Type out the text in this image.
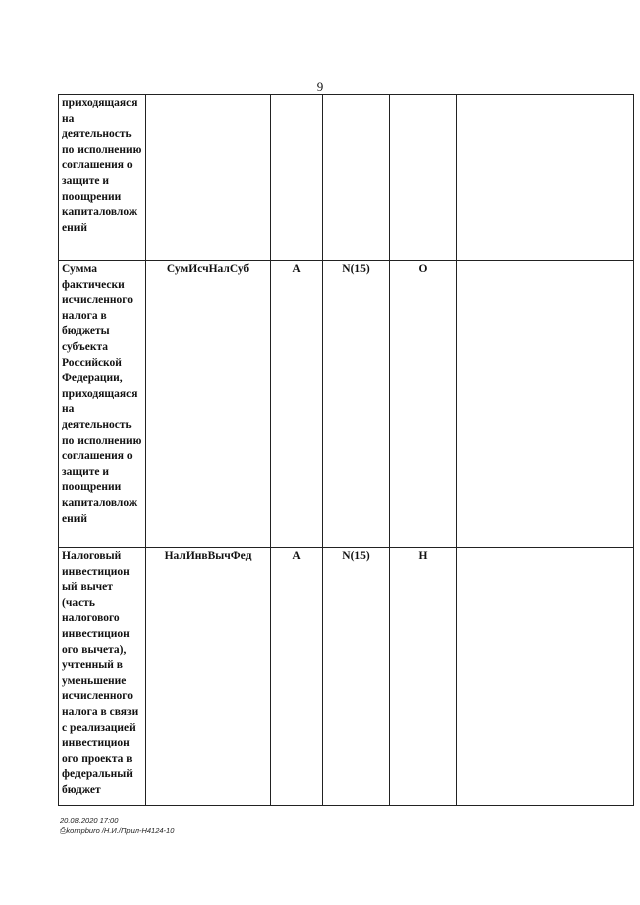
9
приходящаяся на деятельность по исполнению соглашения о защите и поощрении капиталовлож ений					
Сумма фактически исчисленного налога в бюджеты субъекта Российской Федерации, приходящаяся на деятельность по исполнению соглашения о защите и поощрении капиталовлож ений	СумИсчНалСуб	А	N(15)	О	
Налоговый инвестицион ый вычет (часть налогового инвестицион ого вычета), учтенный в уменьшение исчисленного налога в связи с реализацией инвестицион ого проекта в федеральный бюджет	НалИнвВычФед	А	N(15)	Н	
20.08.2020 17:00
⎙kompburo /Н.И./Прил-Н4124-10
